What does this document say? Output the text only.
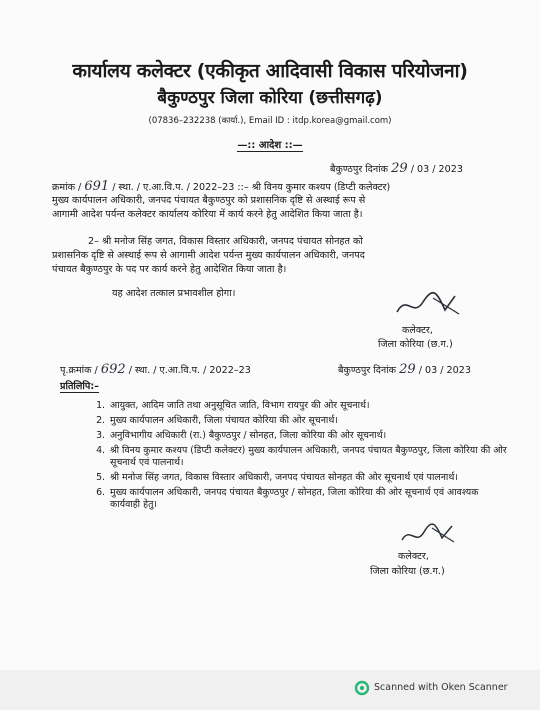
कार्यालय कलेक्टर (एकीकृत आदिवासी विकास परियोजना)
बैकुण्ठपुर जिला कोरिया (छत्तीसगढ़)
(07836–232238 (कार्या.), Email ID : itdp.korea@gmail.com)
—:: आदेश ::—
बैकुण्ठपुर दिनांक 29 / 03 / 2023
क्रमांक / 691 / स्था. / ए.आ.वि.प. / 2022–23 ::– श्री विनय कुमार कश्यप (डिप्टी कलेक्टर)
मुख्य कार्यपालन अधिकारी, जनपद पंचायत बैकुण्ठपुर को प्रशासनिक दृष्टि से अस्थाई रूप से
आगामी आदेश पर्यन्त कलेक्टर कार्यालय कोरिया में कार्य करने हेतु आदेशित किया जाता है।
2– श्री मनोज सिंह जगत, विकास विस्तार अधिकारी, जनपद पंचायत सोनहत को
प्रशासनिक दृष्टि से अस्थाई रूप से आगामी आदेश पर्यन्त मुख्य कार्यपालन अधिकारी, जनपद
पंचायत बैकुण्ठपुर के पद पर कार्य करने हेतु आदेशित किया जाता है।
यह आदेश तत्काल प्रभावशील होगा।
कलेक्टर,
जिला कोरिया (छ.ग.)
पृ.क्रमांक / 692 / स्था. / ए.आ.वि.प. / 2022–23	बैकुण्ठपुर दिनांक 29 / 03 / 2023
प्रतिलिपि:–
1. आयुक्त, आदिम जाति तथा अनुसूचित जाति, विभाग रायपुर की ओर सूचनार्थ।
2. मुख्य कार्यपालन अधिकारी, जिला पंचायत कोरिया की ओर सूचनार्थ।
3. अनुविभागीय अधिकारी (रा.) बैकुण्ठपुर / सोनहत, जिला कोरिया की ओर सूचनार्थ।
4. श्री विनय कुमार कश्यप (डिप्टी कलेक्टर) मुख्य कार्यपालन अधिकारी, जनपद पंचायत बैकुण्ठपुर, जिला कोरिया की ओर सूचनार्थ एवं पालनार्थ।
5. श्री मनोज सिंह जगत, विकास विस्तार अधिकारी, जनपद पंचायत सोनहत की ओर सूचनार्थ एवं पालनार्थ।
6. मुख्य कार्यपालन अधिकारी, जनपद पंचायत बैकुण्ठपुर / सोनहत, जिला कोरिया की ओर सूचनार्थ एवं आवश्यक कार्यवाही हेतु।
कलेक्टर,
जिला कोरिया (छ.ग.)
Scanned with Oken Scanner
